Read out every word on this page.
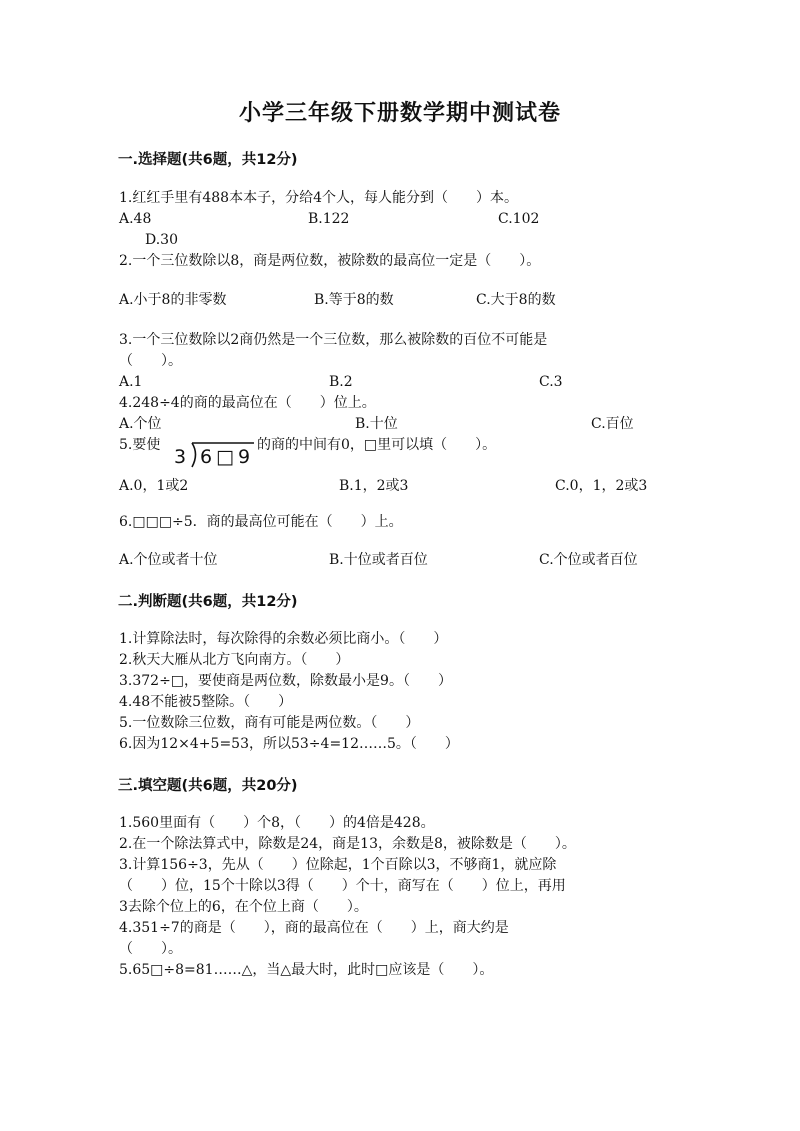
小学三年级下册数学期中测试卷
一.选择题(共6题，共12分)
1.红红手里有488本本子，分给4个人，每人能分到（　　）本。
A.48	B.122	C.102
D.30
2.一个三位数除以8，商是两位数，被除数的最高位一定是（　　）。
A.小于8的非零数	B.等于8的数	C.大于8的数
3.一个三位数除以2商仍然是一个三位数，那么被除数的百位不可能是
（　　）。
A.1	B.2	C.3
4.248÷4的商的最高位在（　　）位上。
A.个位	B.十位	C.百位
5.要使
3 6 □ 9
的商的中间有0，□里可以填（　　）。
A.0，1或2	B.1，2或3	C.0，1，2或3
6.□□□÷5．商的最高位可能在（　　）上。
A.个位或者十位	B.十位或者百位	C.个位或者百位
二.判断题(共6题，共12分)
1.计算除法时，每次除得的余数必须比商小。（　　）
2.秋天大雁从北方飞向南方。（　　）
3.372÷□，要使商是两位数，除数最小是9。（　　）
4.48不能被5整除。（　　）
5.一位数除三位数，商有可能是两位数。（　　）
6.因为12×4+5=53，所以53÷4=12……5。（　　）
三.填空题(共6题，共20分)
1.560里面有（　　）个8，（　　）的4倍是428。
2.在一个除法算式中，除数是24，商是13，余数是8，被除数是（　　）。
3.计算156÷3，先从（　　）位除起，1个百除以3，不够商1，就应除
（　　）位，15个十除以3得（　　）个十，商写在（　　）位上，再用
3去除个位上的6，在个位上商（　　）。
4.351÷7的商是（　　），商的最高位在（　　）上，商大约是
（　　）。
5.65□÷8=81……△，当△最大时，此时□应该是（　　）。
